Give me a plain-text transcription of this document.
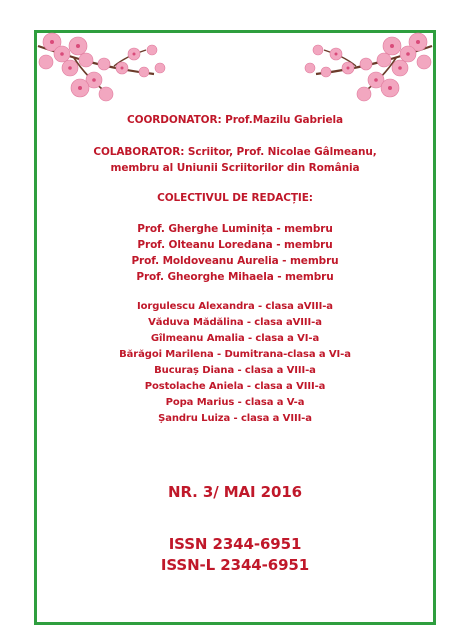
COORDONATOR: Prof.Mazilu Gabriela
COLABORATOR: Scriitor, Prof. Nicolae Gâlmeanu,
membru al Uniunii Scriitorilor din România
COLECTIVUL DE REDACȚIE:
Prof. Gherghe Luminița - membru
Prof. Olteanu Loredana - membru
Prof. Moldoveanu Aurelia - membru
Prof. Gheorghe Mihaela - membru
Iorgulescu Alexandra - clasa aVIII-a
Văduva Mădălina - clasa aVIII-a
Gîlmeanu Amalia - clasa a VI-a
Bărăgoi Marilena - Dumitrana-clasa a VI-a
Bucuraș Diana - clasa a VIII-a
Postolache Aniela - clasa a VIII-a
Popa Marius - clasa a V-a
Șandru Luiza - clasa a VIII-a
NR. 3/ MAI 2016
ISSN 2344-6951
ISSN-L 2344-6951
